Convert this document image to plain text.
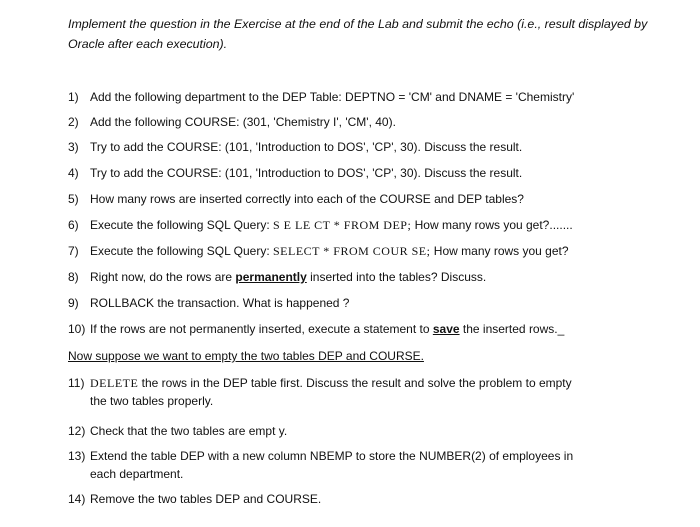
Implement the question in the Exercise at the end of the Lab and submit the echo (i.e., result displayed by Oracle after each execution).
1) Add the following department to the DEP Table: DEPTNO = 'CM' and DNAME = 'Chemistry'
2) Add the following COURSE: (301, 'Chemistry I', 'CM', 40).
3) Try to add the COURSE: (101, 'Introduction to DOS', 'CP', 30). Discuss the result.
4) Try to add the COURSE: (101, 'Introduction to DOS', 'CP', 30). Discuss the result.
5) How many rows are inserted correctly into each of the COURSE and DEP tables?
6) Execute the following SQL Query: S E LE CT * FROM DEP; How many rows you get?.......
7) Execute the following SQL Query: SELECT * FROM COUR SE; How many rows you get?
8) Right now, do the rows are permanently inserted into the tables? Discuss.
9) ROLLBACK the transaction. What is happened ?
10) If the rows are not permanently inserted, execute a statement to save the inserted rows._
Now suppose we want to empty the two tables DEP and COURSE.
11) DELETE the rows in the DEP table first. Discuss the result and solve the problem to empty
the two tables properly.
12) Check that the two tables are empt y.
13) Extend the table DEP with a new column NBEMP to store the NUMBER(2) of employees in
each department.
14) Remove the two tables DEP and COURSE.
